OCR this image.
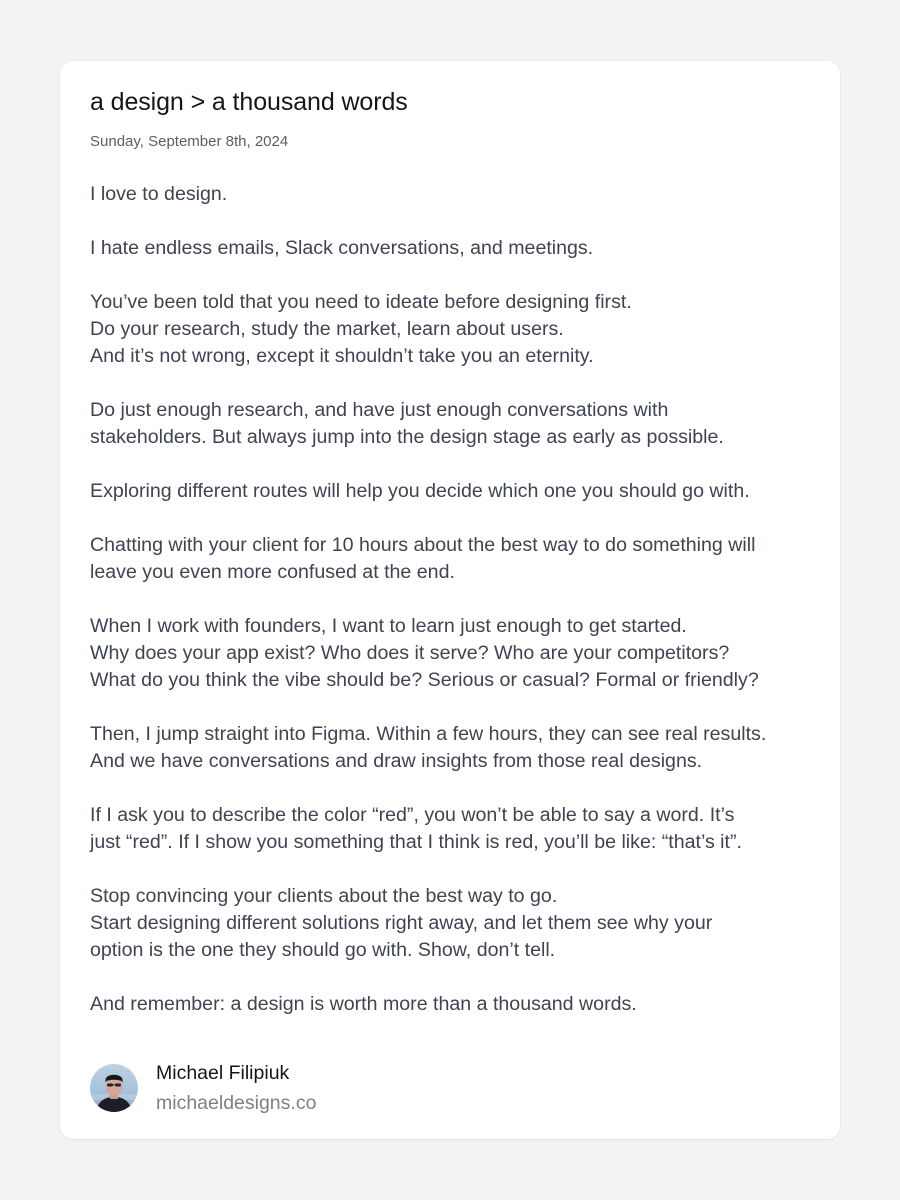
a design > a thousand words
Sunday, September 8th, 2024

I love to design.

I hate endless emails, Slack conversations, and meetings.

You’ve been told that you need to ideate before designing first.
Do your research, study the market, learn about users.
And it’s not wrong, except it shouldn’t take you an eternity.

Do just enough research, and have just enough conversations with
stakeholders. But always jump into the design stage as early as possible.

Exploring different routes will help you decide which one you should go with.

Chatting with your client for 10 hours about the best way to do something will
leave you even more confused at the end.

When I work with founders, I want to learn just enough to get started.
Why does your app exist? Who does it serve? Who are your competitors?
What do you think the vibe should be? Serious or casual? Formal or friendly?

Then, I jump straight into Figma. Within a few hours, they can see real results.
And we have conversations and draw insights from those real designs.

If I ask you to describe the color “red”, you won’t be able to say a word. It’s
just “red”. If I show you something that I think is red, you’ll be like: “that’s it”.

Stop convincing your clients about the best way to go.
Start designing different solutions right away, and let them see why your
option is the one they should go with. Show, don’t tell.

And remember: a design is worth more than a thousand words.

Michael Filipiuk
michaeldesigns.co
